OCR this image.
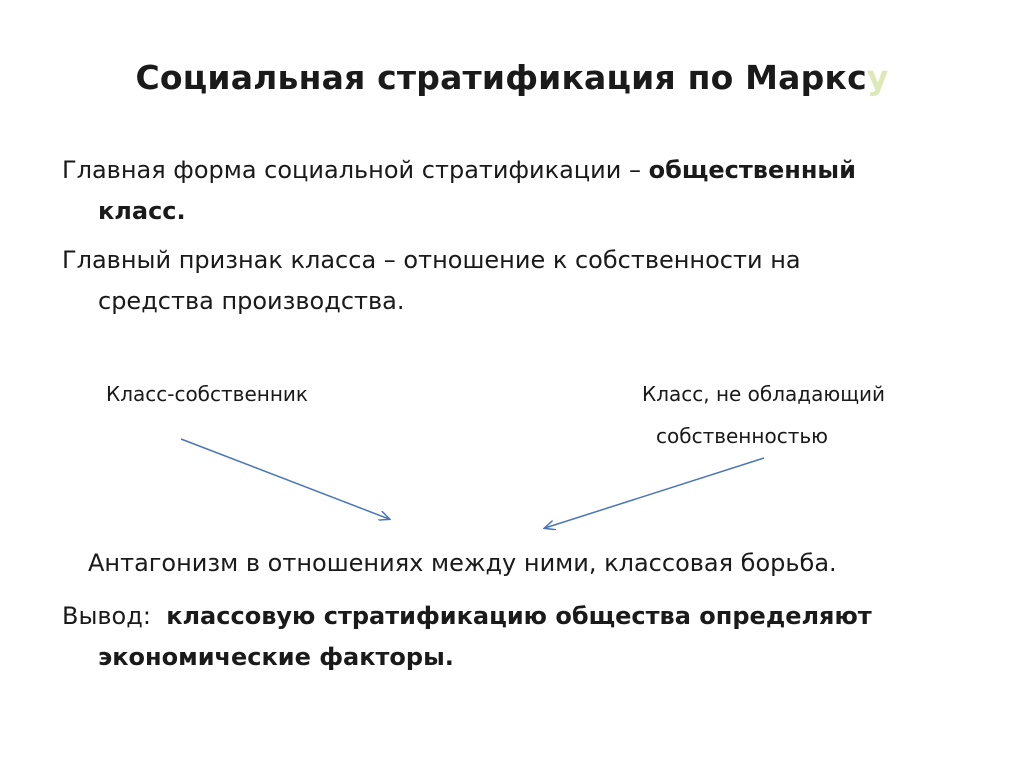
Социальная стратификация по Марксу
Главная форма социальной стратификации – общественный
класс.
Главный признак класса – отношение к собственности на
средства производства.
Класс-собственник	Класс, не обладающий
собственностью
Антагонизм в отношениях между ними, классовая борьба.
Вывод: классовую стратификацию общества определяют
экономические факторы.
